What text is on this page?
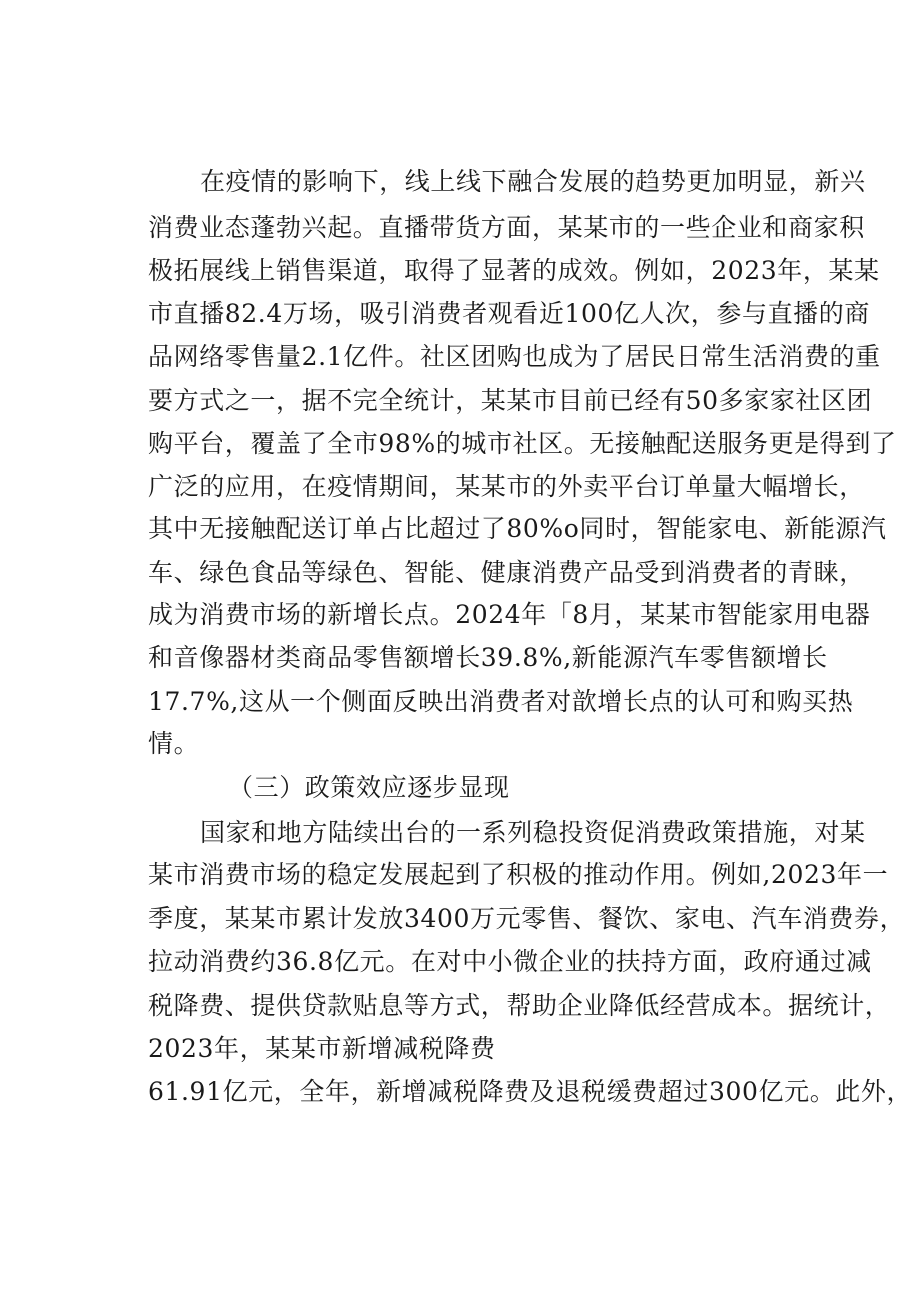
在疫情的影响下，线上线下融合发展的趋势更加明显，新兴
消费业态蓬勃兴起。直播带货方面，某某市的一些企业和商家积
极拓展线上销售渠道，取得了显著的成效。例如，2023年，某某
市直播82.4万场，吸引消费者观看近100亿人次，参与直播的商
品网络零售量2.1亿件。社区团购也成为了居民日常生活消费的重
要方式之一，据不完全统计，某某市目前已经有50多家家社区团
购平台，覆盖了全市98%的城市社区。无接触配送服务更是得到了
广泛的应用，在疫情期间，某某市的外卖平台订单量大幅增长，
其中无接触配送订单占比超过了80%o同时，智能家电、新能源汽
车、绿色食品等绿色、智能、健康消费产品受到消费者的青睐，
成为消费市场的新增长点。2024年「8月，某某市智能家用电器
和音像器材类商品零售额增长39.8%,新能源汽车零售额增长
17.7%,这从一个侧面反映出消费者对歆增长点的认可和购买热
情。
（三）政策效应逐步显现
国家和地方陆续出台的一系列稳投资促消费政策措施，对某
某市消费市场的稳定发展起到了积极的推动作用。例如,2023年一
季度，某某市累计发放3400万元零售、餐饮、家电、汽车消费券，
拉动消费约36.8亿元。在对中小微企业的扶持方面，政府通过减
税降费、提供贷款贴息等方式，帮助企业降低经营成本。据统计，
2023年，某某市新增减税降费
61.91亿元，全年，新增减税降费及退税缓费超过300亿元。此外，
